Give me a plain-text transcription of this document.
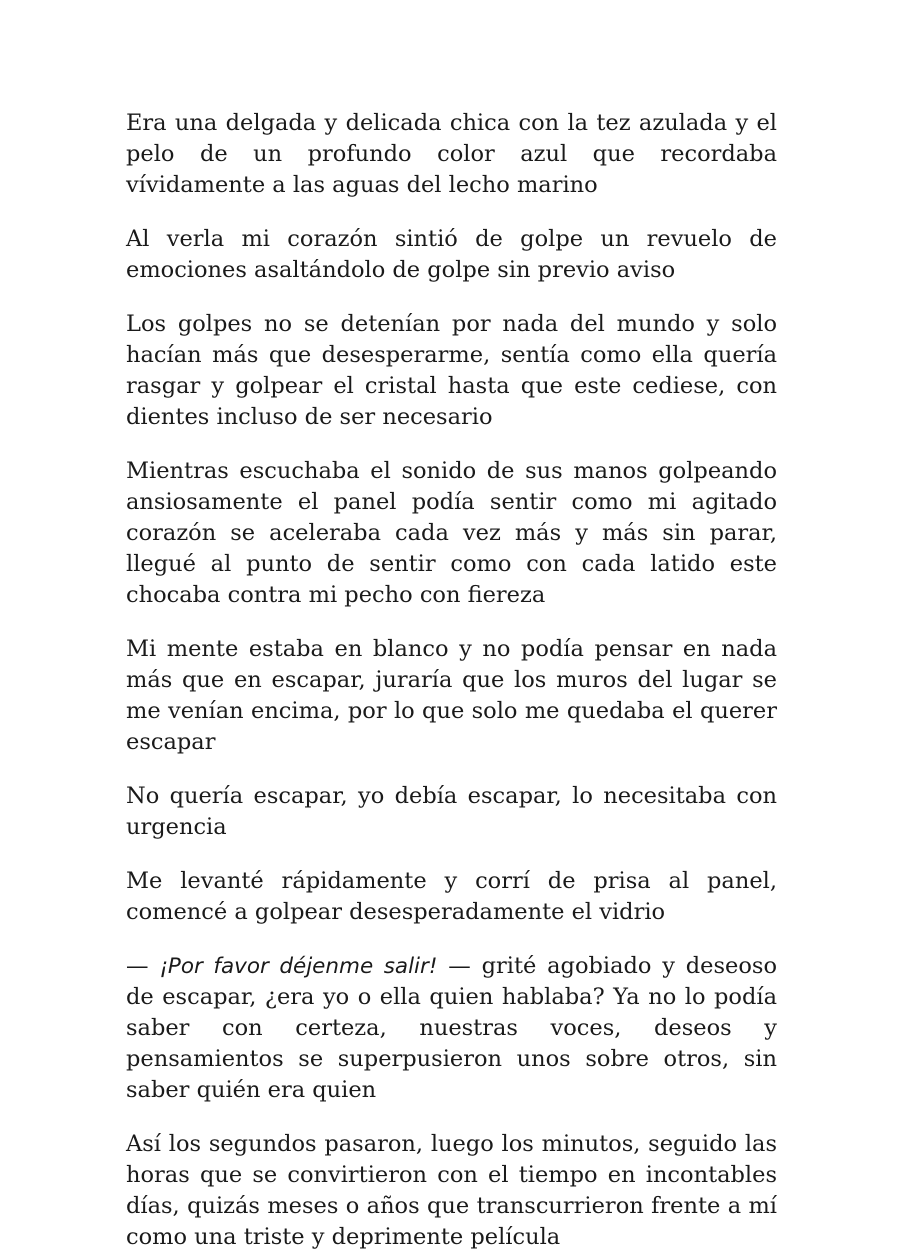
Era una delgada y delicada chica con la tez azulada y el pelo de un profundo color azul que recordaba vívidamente a las aguas del lecho marino

Al verla mi corazón sintió de golpe un revuelo de emociones asaltándolo de golpe sin previo aviso

Los golpes no se detenían por nada del mundo y solo hacían más que desesperarme, sentía como ella quería rasgar y golpear el cristal hasta que este cediese, con dientes incluso de ser necesario

Mientras escuchaba el sonido de sus manos golpeando ansiosamente el panel podía sentir como mi agitado corazón se aceleraba cada vez más y más sin parar, llegué al punto de sentir como con cada latido este chocaba contra mi pecho con fiereza

Mi mente estaba en blanco y no podía pensar en nada más que en escapar, juraría que los muros del lugar se me venían encima, por lo que solo me quedaba el querer escapar

No quería escapar, yo debía escapar, lo necesitaba con urgencia

Me levanté rápidamente y corrí de prisa al panel, comencé a golpear desesperadamente el vidrio

— ¡Por favor déjenme salir! — grité agobiado y deseoso de escapar, ¿era yo o ella quien hablaba? Ya no lo podía saber con certeza, nuestras voces, deseos y pensamientos se superpusieron unos sobre otros, sin saber quién era quien

Así los segundos pasaron, luego los minutos, seguido las horas que se convirtieron con el tiempo en incontables días, quizás meses o años que transcurrieron frente a mí como una triste y deprimente película
